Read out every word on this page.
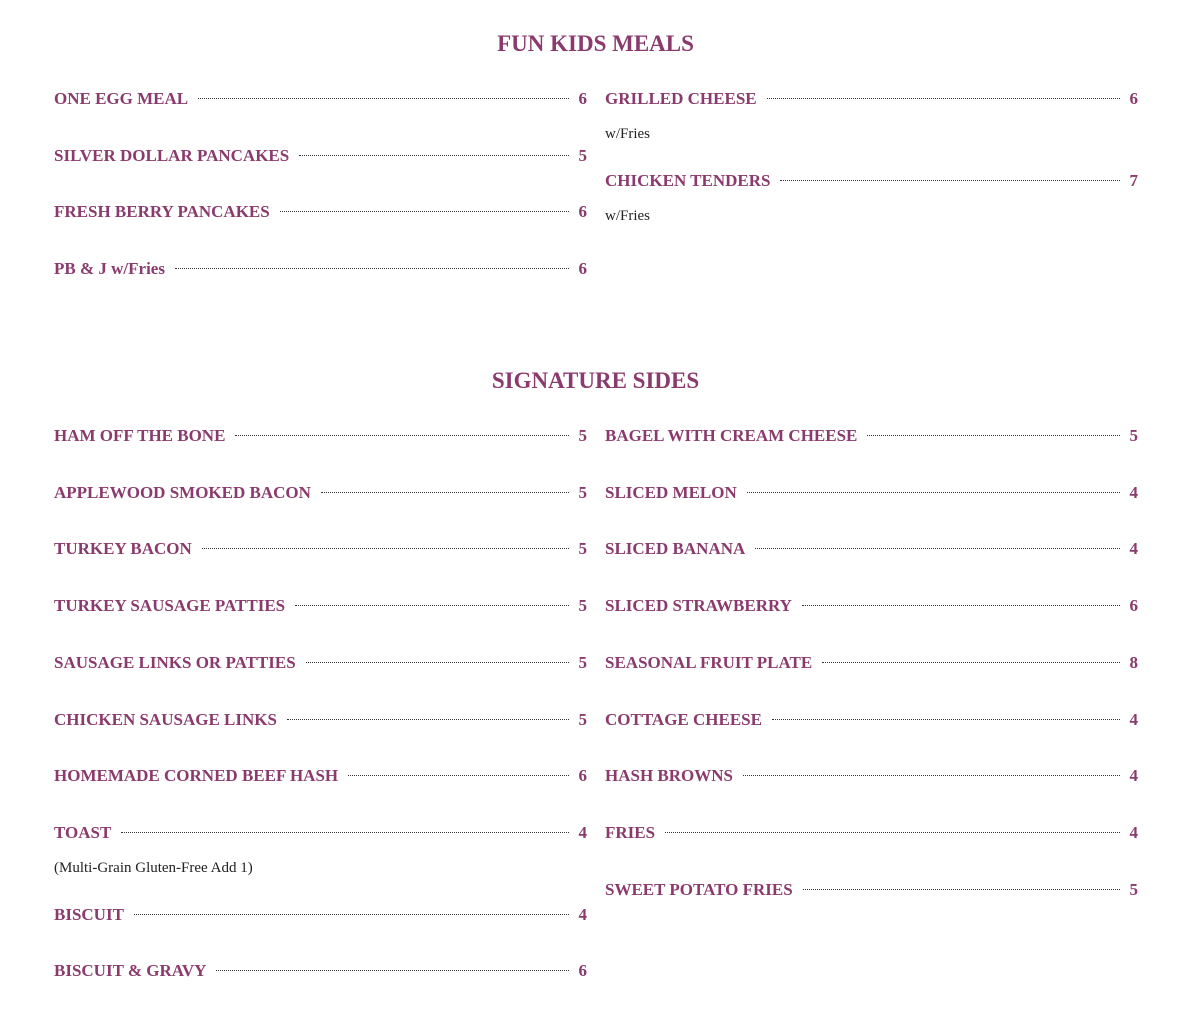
FUN KIDS MEALS
ONE EGG MEAL	6
SILVER DOLLAR PANCAKES	5
FRESH BERRY PANCAKES	6
PB & J w/Fries	6
GRILLED CHEESE	6
w/Fries
CHICKEN TENDERS	7
w/Fries
SIGNATURE SIDES
HAM OFF THE BONE	5
APPLEWOOD SMOKED BACON	5
TURKEY BACON	5
TURKEY SAUSAGE PATTIES	5
SAUSAGE LINKS OR PATTIES	5
CHICKEN SAUSAGE LINKS	5
HOMEMADE CORNED BEEF HASH	6
TOAST	4
(Multi-Grain Gluten-Free Add 1)
BISCUIT	4
BISCUIT & GRAVY	6
BAGEL WITH CREAM CHEESE	5
SLICED MELON	4
SLICED BANANA	4
SLICED STRAWBERRY	6
SEASONAL FRUIT PLATE	8
COTTAGE CHEESE	4
HASH BROWNS	4
FRIES	4
SWEET POTATO FRIES	5
